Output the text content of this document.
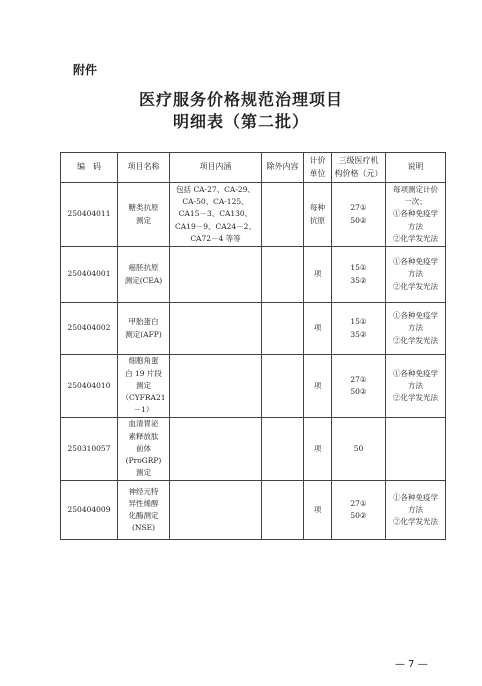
附件
医疗服务价格规范治理项目
明细表（第二批）
编　码	项目名称	项目内涵	除外内容	计价
单位	三级医疗机
构价格（元）	说明
250404011	糖类抗原
测定	包括 CA-27、CA-29、
CA-50、CA-125、
CA15－3、CA130、
CA19－9、CA24－2、
CA72－4 等等		每种
抗原	27①
50②	每项测定计价
一次；
①各种免疫学
方法
②化学发光法
250404001	癌胚抗原
测定(CEA)			项	15①
35②	①各种免疫学
方法
②化学发光法
250404002	甲胎蛋白
测定(AFP)			项	15①
35②	①各种免疫学
方法
②化学发光法
250404010	细胞角蛋
白 19 片段
测定
（CYFRA21
－1）			项	27①
50②	①各种免疫学
方法
②化学发光法
250310057	血清胃泌
素释放肽
前体
(ProGRP)
测定			项	50	
250404009	神经元特
异性烯醇
化酶测定
(NSE)			项	27①
50②	①各种免疫学
方法
②化学发光法
— 7 —
